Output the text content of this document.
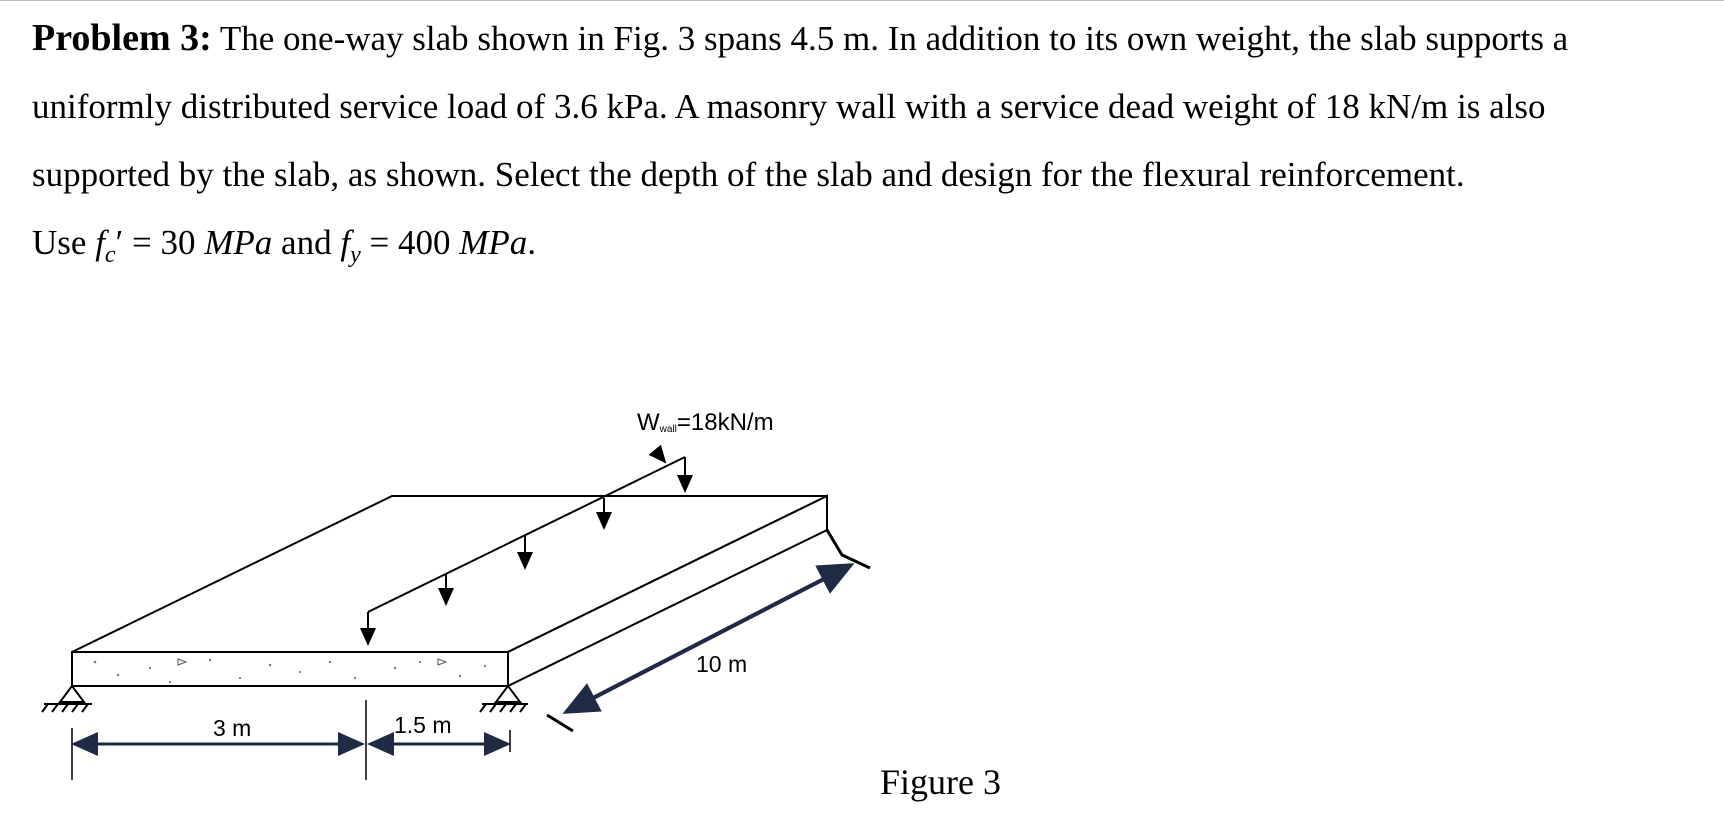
Problem 3: The one-way slab shown in Fig. 3 spans 4.5 m. In addition to its own weight, the slab supports a uniformly distributed service load of 3.6 kPa. A masonry wall with a service dead weight of 18 kN/m is also supported by the slab, as shown. Select the depth of the slab and design for the flexural reinforcement.
Use $f_c' = 30$ MPa and $f_y = 400$ MPa.
Wwall=18kN/m
3 m	1.5 m
10 m
Figure 3
